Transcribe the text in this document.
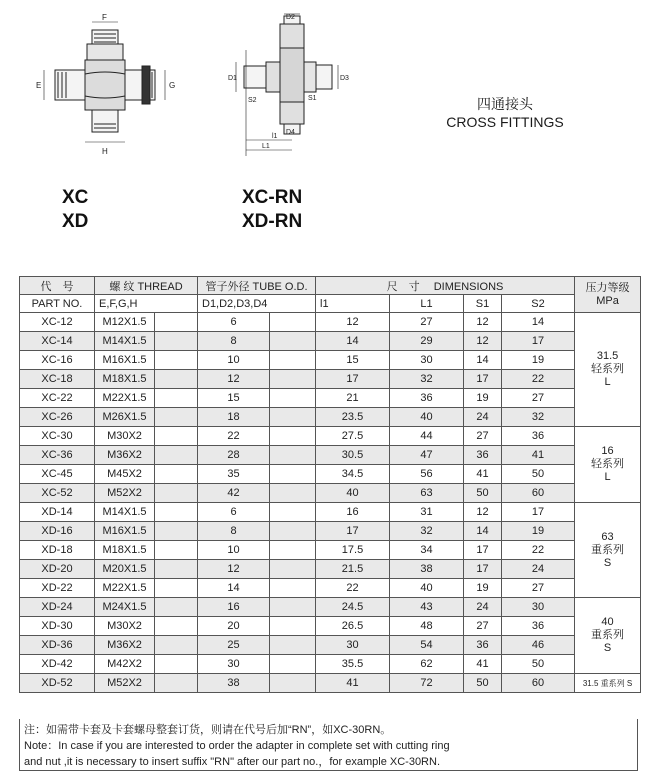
F
E	G
H
D2
D1	D3
S2	S1
D4
l1
L1
XC
XD
XC-RN
XD-RN
四通接头
CROSS FITTINGS
代　号	螺 纹 THREAD		管子外径 TUBE O.D.		尺　寸　 DIMENSIONS				压力等级
MPa

PART NO.	E,F,G,H		D1,D2,D3,D4		l1	L1	S1	S2	
XC-12	M12X1.5		6		12	27	12	14	31.5
轻系列
L

XC-14	M14X1.5		8		14	29	12	17	
XC-16	M16X1.5		10		15	30	14	19	
XC-18	M18X1.5		12		17	32	17	22	
XC-22	M22X1.5		15		21	36	19	27	
XC-26	M26X1.5		18		23.5	40	24	32	
XC-30	M30X2		22		27.5	44	27	36	16
轻系列
L

XC-36	M36X2		28		30.5	47	36	41	
XC-45	M45X2		35		34.5	56	41	50	
XC-52	M52X2		42		40	63	50	60	
XD-14	M14X1.5		6		16	31	12	17	63
重系列
S

XD-16	M16X1.5		8		17	32	14	19	
XD-18	M18X1.5		10		17.5	34	17	22	
XD-20	M20X1.5		12		21.5	38	17	24	
XD-22	M22X1.5		14		22	40	19	27	
XD-24	M24X1.5		16		24.5	43	24	30	40
重系列
S

XD-30	M30X2		20		26.5	48	27	36	
XD-36	M36X2		25		30	54	36	46	
XD-42	M42X2		30		35.5	62	41	50	
XD-52	M52X2		38		41	72	50	60	31.5 重系列 S
注：如需带卡套及卡套螺母整套订货，则请在代号后加“RN”，如XC-30RN。
Note：In case if you are interested to order the adapter in complete set with cutting ring
and nut ,it is necessary to insert suffix "RN" after our part no.，for example XC-30RN.
